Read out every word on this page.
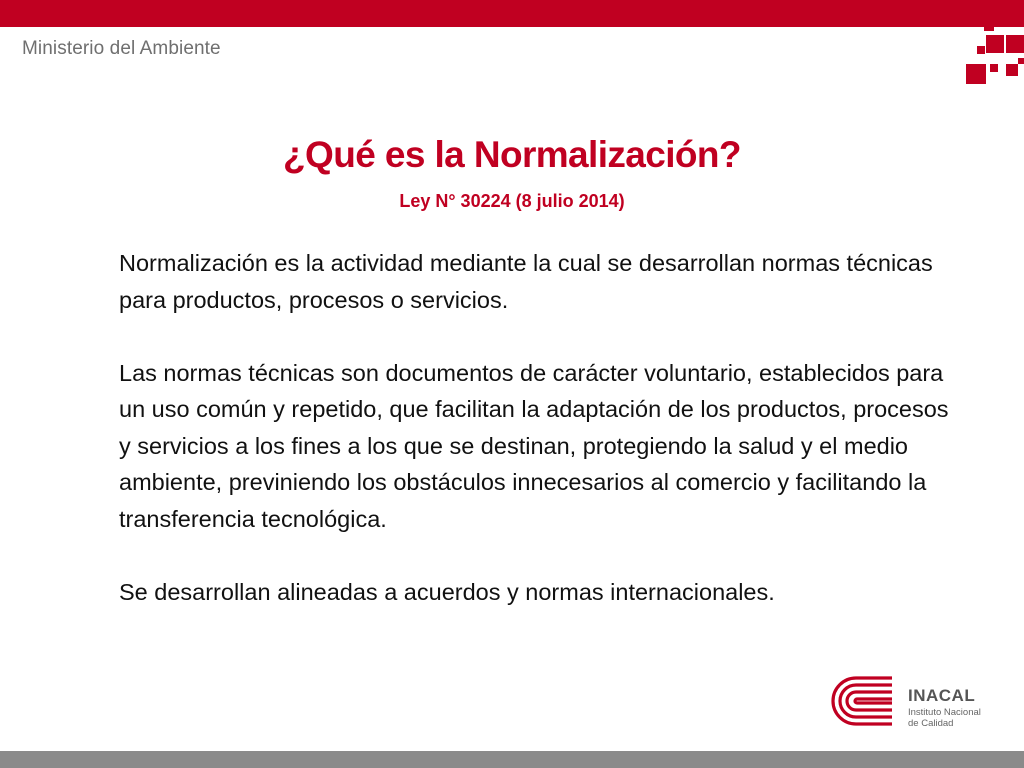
Ministerio del Ambiente
¿Qué es la Normalización?
Ley N° 30224 (8 julio 2014)

Normalización es la actividad mediante la cual se desarrollan normas técnicas para productos, procesos o servicios.

Las normas técnicas son documentos de carácter voluntario, establecidos para un uso común y repetido, que facilitan la adaptación de los productos, procesos y servicios a los fines a los que se destinan, protegiendo la salud y el medio ambiente, previniendo los obstáculos innecesarios al comercio y facilitando la transferencia tecnológica.

Se desarrollan alineadas a acuerdos y normas internacionales.

INACAL
Instituto Nacional
de Calidad
